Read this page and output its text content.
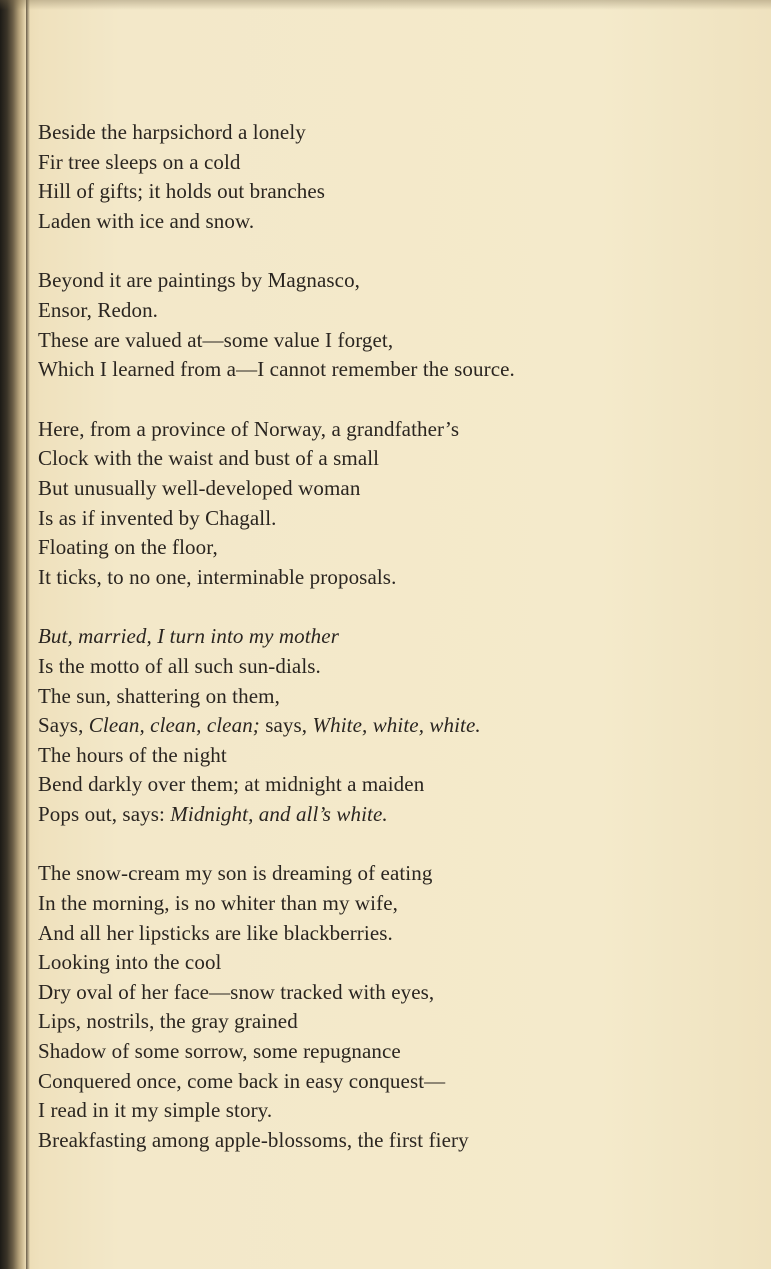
Beside the harpsichord a lonely
Fir tree sleeps on a cold
Hill of gifts; it holds out branches
Laden with ice and snow.
Beyond it are paintings by Magnasco,
Ensor, Redon.
These are valued at—some value I forget,
Which I learned from a—I cannot remember the source.
Here, from a province of Norway, a grandfather’s
Clock with the waist and bust of a small
But unusually well-developed woman
Is as if invented by Chagall.
Floating on the floor,
It ticks, to no one, interminable proposals.
But, married, I turn into my mother
Is the motto of all such sun-dials.
The sun, shattering on them,
Says, Clean, clean, clean; says, White, white, white.
The hours of the night
Bend darkly over them; at midnight a maiden
Pops out, says: Midnight, and all’s white.
The snow-cream my son is dreaming of eating
In the morning, is no whiter than my wife,
And all her lipsticks are like blackberries.
Looking into the cool
Dry oval of her face—snow tracked with eyes,
Lips, nostrils, the gray grained
Shadow of some sorrow, some repugnance
Conquered once, come back in easy conquest—
I read in it my simple story.
Breakfasting among apple-blossoms, the first fiery
